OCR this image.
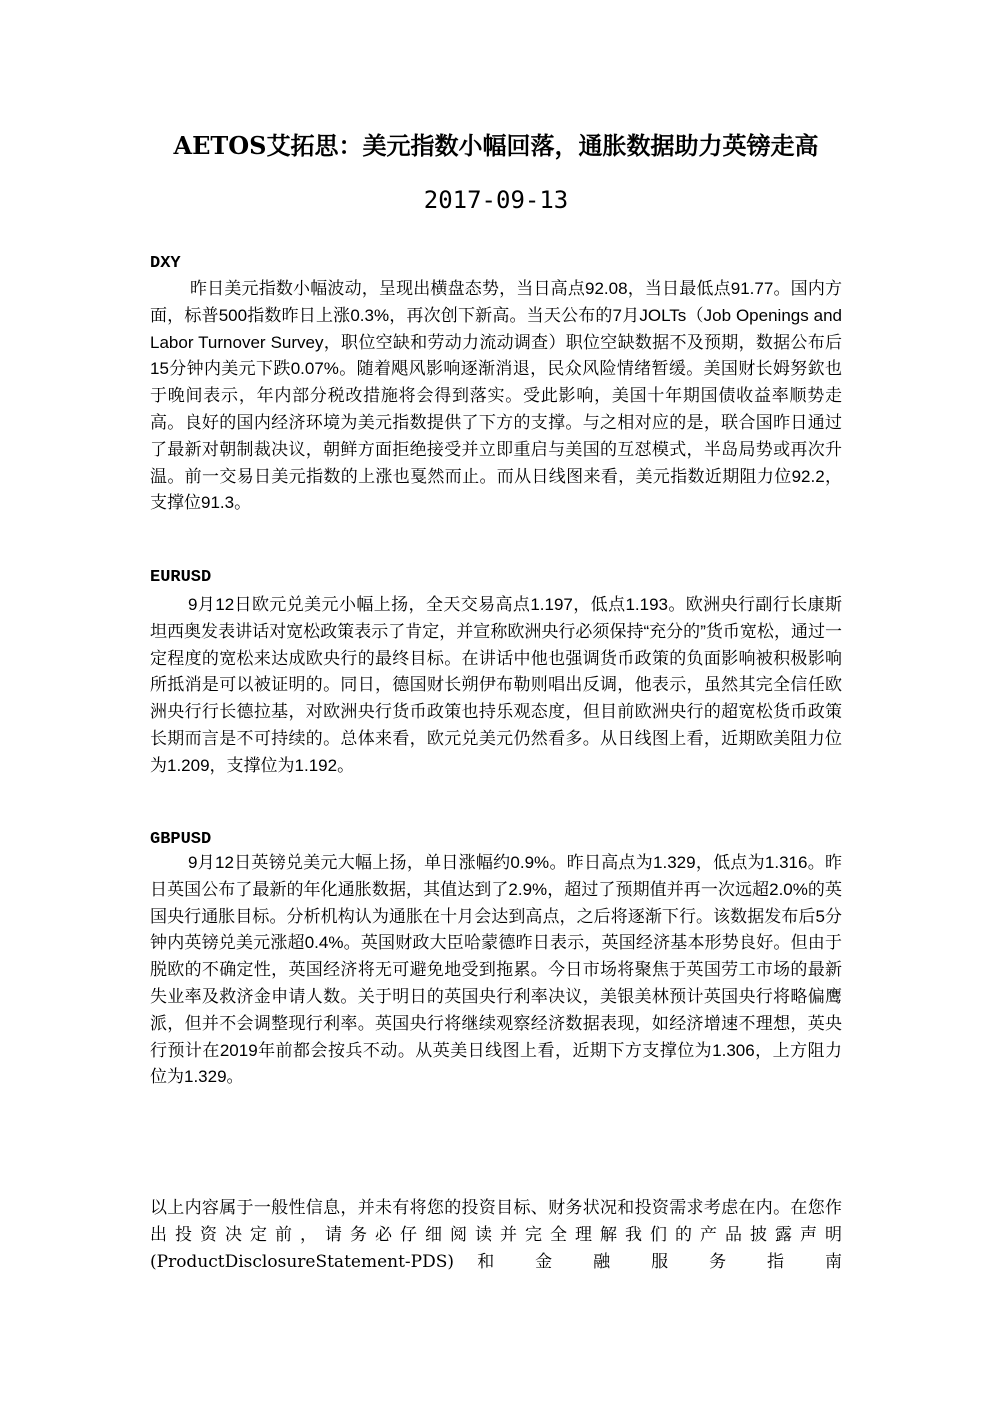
AETOS艾拓思：美元指数小幅回落，通胀数据助力英镑走高
2017-09-13
DXY

昨日美元指数小幅波动，呈现出横盘态势，当日高点92.08，当日最低点91.77。国内方面，标普500指数昨日上涨0.3%，再次创下新高。当天公布的7月JOLTs（Job Openings and Labor Turnover Survey，职位空缺和劳动力流动调查）职位空缺数据不及预期，数据公布后15分钟内美元下跌0.07%。随着飓风影响逐渐消退，民众风险情绪暂缓。美国财长姆努欽也于晚间表示，年内部分税改措施将会得到落实。受此影响，美国十年期国债收益率顺势走高。良好的国内经济环境为美元指数提供了下方的支撑。与之相对应的是，联合国昨日通过了最新对朝制裁决议，朝鲜方面拒绝接受并立即重启与美国的互怼模式，半岛局势或再次升温。前一交易日美元指数的上涨也戛然而止。而从日线图来看，美元指数近期阻力位92.2，支撑位91.3。

EURUSD

9月12日欧元兑美元小幅上扬，全天交易高点1.197，低点1.193。欧洲央行副行长康斯坦西奥发表讲话对宽松政策表示了肯定，并宣称欧洲央行必须保持“充分的”货币宽松，通过一定程度的宽松来达成欧央行的最终目标。在讲话中他也强调货币政策的负面影响被积极影响所抵消是可以被证明的。同日，德国财长朔伊布勒则唱出反调，他表示，虽然其完全信任欧洲央行行长德拉基，对欧洲央行货币政策也持乐观态度，但目前欧洲央行的超宽松货币政策长期而言是不可持续的。总体来看，欧元兑美元仍然看多。从日线图上看，近期欧美阻力位为1.209，支撑位为1.192。

GBPUSD

9月12日英镑兑美元大幅上扬，单日涨幅约0.9%。昨日高点为1.329，低点为1.316。昨日英国公布了最新的年化通胀数据，其值达到了2.9%，超过了预期值并再一次远超2.0%的英国央行通胀目标。分析机构认为通胀在十月会达到高点，之后将逐渐下行。该数据发布后5分钟内英镑兑美元涨超0.4%。英国财政大臣哈蒙德昨日表示，英国经济基本形势良好。但由于脱欧的不确定性，英国经济将无可避免地受到拖累。今日市场将聚焦于英国劳工市场的最新失业率及救济金申请人数。关于明日的英国央行利率决议，美银美林预计英国央行将略偏鹰派，但并不会调整现行利率。英国央行将继续观察经济数据表现，如经济增速不理想，英央行预计在2019年前都会按兵不动。从英美日线图上看，近期下方支撑位为1.306，上方阻力位为1.329。

以上内容属于一般性信息，并未有将您的投资目标、财务状况和投资需求考虑在内。在您作出投资决定前，请务必仔细阅读并完全理解我们的产品披露声明(ProductDisclosureStatement-PDS) 和 金 融 服 务 指 南
